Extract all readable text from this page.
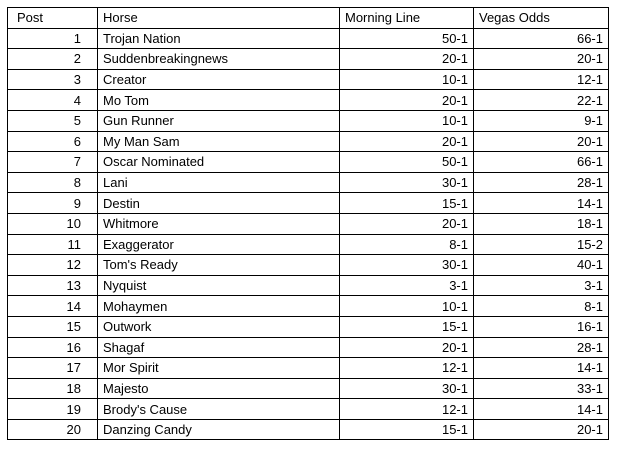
Post	Horse	Morning Line	Vegas Odds
1	Trojan Nation	50-1	66-1
2	Suddenbreakingnews	20-1	20-1
3	Creator	10-1	12-1
4	Mo Tom	20-1	22-1
5	Gun Runner	10-1	9-1
6	My Man Sam	20-1	20-1
7	Oscar Nominated	50-1	66-1
8	Lani	30-1	28-1
9	Destin	15-1	14-1
10	Whitmore	20-1	18-1
11	Exaggerator	8-1	15-2
12	Tom's Ready	30-1	40-1
13	Nyquist	3-1	3-1
14	Mohaymen	10-1	8-1
15	Outwork	15-1	16-1
16	Shagaf	20-1	28-1
17	Mor Spirit	12-1	14-1
18	Majesto	30-1	33-1
19	Brody's Cause	12-1	14-1
20	Danzing Candy	15-1	20-1
